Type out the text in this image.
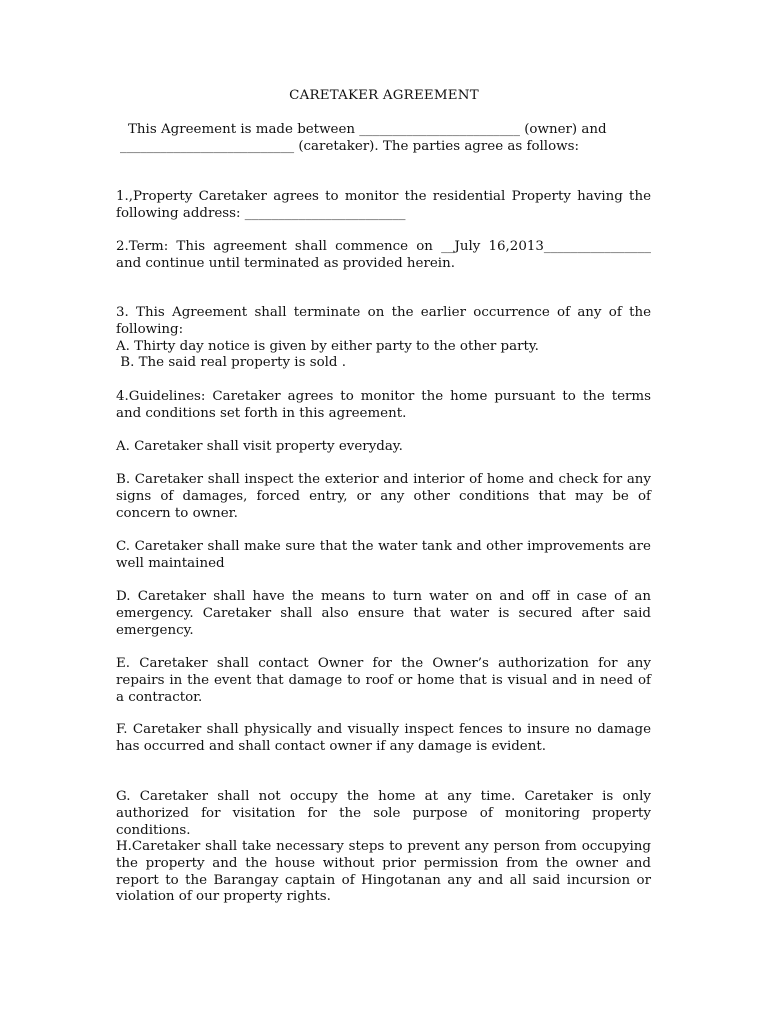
CARETAKER AGREEMENT
This Agreement is made between ________________________ (owner) and
__________________________ (caretaker). The parties agree as follows:
1.,Property Caretaker agrees to monitor the residential Property having the following address: ________________________
2.Term: This agreement shall commence on __July 16,2013________________ and continue until terminated as provided herein.
3. This Agreement shall terminate on the earlier occurrence of any of the following:
A. Thirty day notice is given by either party to the other party.
B. The said real property is sold .
4.Guidelines: Caretaker agrees to monitor the home pursuant to the terms and conditions set forth in this agreement.
A. Caretaker shall visit property everyday.
B. Caretaker shall inspect the exterior and interior of home and check for any signs of damages, forced entry, or any other conditions that may be of concern to owner.
C. Caretaker shall make sure that the water tank and other improvements are well maintained
D. Caretaker shall have the means to turn water on and off in case of an emergency. Caretaker shall also ensure that water is secured after said emergency.
E. Caretaker shall contact Owner for the Owner’s authorization for any repairs in the event that damage to roof or home that is visual and in need of a contractor.
F. Caretaker shall physically and visually inspect fences to insure no damage has occurred and shall contact owner if any damage is evident.
G. Caretaker shall not occupy the home at any time. Caretaker is only authorized for visitation for the sole purpose of monitoring property conditions.
H.Caretaker shall take necessary steps to prevent any person from occupying the property and the house without prior permission from the owner and report to the Barangay captain of Hingotanan any and all said incursion or violation of our property rights.
